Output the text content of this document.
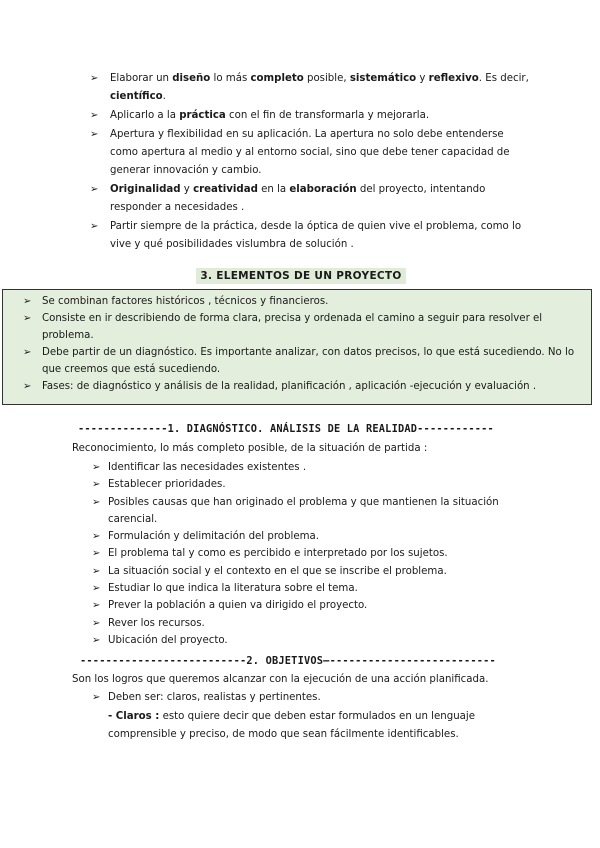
➢ Elaborar un diseño lo más completo posible, sistemático y reflexivo. Es decir, científico.
➢ Aplicarlo a la práctica con el fin de transformarla y mejorarla.
➢ Apertura y flexibilidad en su aplicación. La apertura no solo debe entenderse como apertura al medio y al entorno social, sino que debe tener capacidad de generar innovación y cambio.
➢ Originalidad y creatividad en la elaboración del proyecto, intentando responder a necesidades .
➢ Partir siempre de la práctica, desde la óptica de quien vive el problema, como lo vive y qué posibilidades vislumbra de solución .
3. ELEMENTOS DE UN PROYECTO
➢ Se combinan factores históricos , técnicos y financieros.
➢ Consiste en ir describiendo de forma clara, precisa y ordenada el camino a seguir para resolver el problema.
➢ Debe partir de un diagnóstico. Es importante analizar, con datos precisos, lo que está sucediendo. No lo que creemos que está sucediendo.
➢ Fases: de diagnóstico y análisis de la realidad, planificación , aplicación -ejecución y evaluación .
--------------1. DIAGNÓSTICO. ANÁLISIS DE LA REALIDAD------------
Reconocimiento, lo más completo posible, de la situación de partida :
➢ Identificar las necesidades existentes .
➢ Establecer prioridades.
➢ Posibles causas que han originado el problema y que mantienen la situación carencial.
➢ Formulación y delimitación del problema.
➢ El problema tal y como es percibido e interpretado por los sujetos.
➢ La situación social y el contexto en el que se inscribe el problema.
➢ Estudiar lo que indica la literatura sobre el tema.
➢ Prever la población a quien va dirigido el proyecto.
➢ Rever los recursos.
➢ Ubicación del proyecto.
--------------------------2. OBJETIVOS–--------------------------
Son los logros que queremos alcanzar con la ejecución de una acción planificada.
➢ Deben ser: claros, realistas y pertinentes.
- Claros : esto quiere decir que deben estar formulados en un lenguaje comprensible y preciso, de modo que sean fácilmente identificables.
